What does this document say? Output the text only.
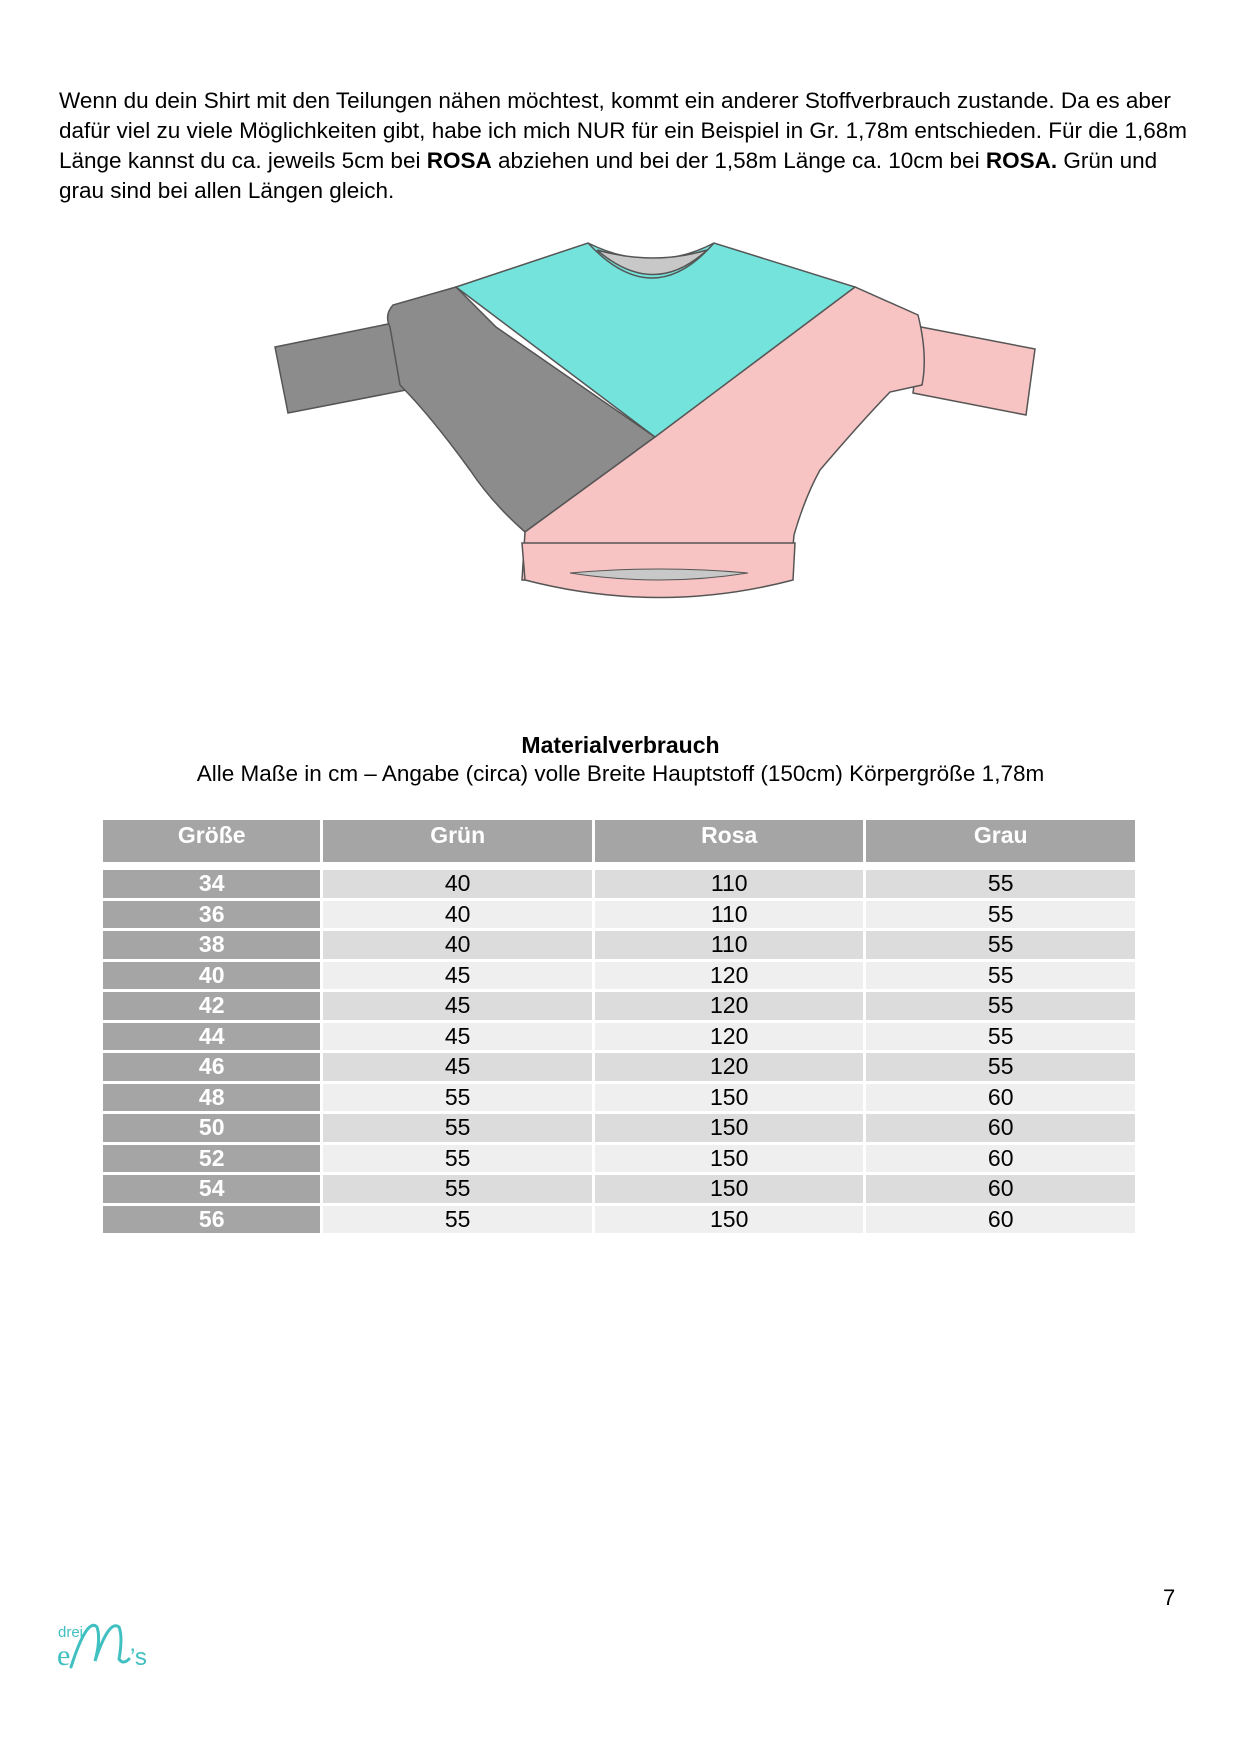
Wenn du dein Shirt mit den Teilungen nähen möchtest, kommt ein anderer Stoffverbrauch zustande. Da es aber dafür viel zu viele Möglichkeiten gibt, habe ich mich NUR für ein Beispiel in Gr. 1,78m entschieden. Für die 1,68m Länge kannst du ca. jeweils 5cm bei ROSA abziehen und bei der 1,58m Länge ca. 10cm bei ROSA. Grün und grau sind bei allen Längen gleich.

Materialverbrauch

Alle Maße in cm – Angabe (circa) volle Breite Hauptstoff (150cm) Körpergröße 1,78m

Größe	Grün	Rosa	Grau

34	40	110	55
36	40	110	55
38	40	110	55
40	45	120	55
42	45	120	55
44	45	120	55
46	45	120	55
48	55	150	60
50	55	150	60
52	55	150	60
54	55	150	60
56	55	150	60

7

drei
e ’s
